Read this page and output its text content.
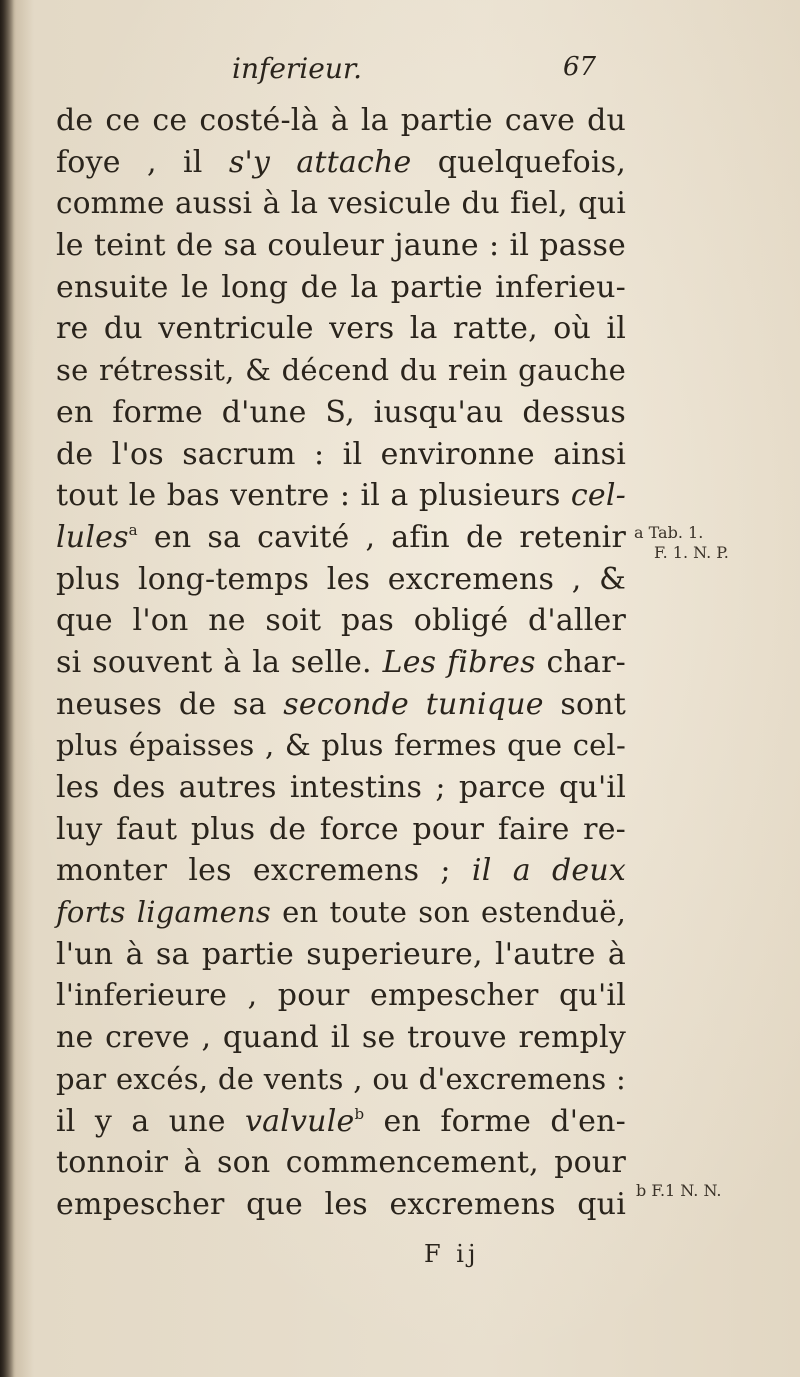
inferieur.	67
de ce ce costé-là à la partie cave du
foye , il s'y attache quelquefois,
comme aussi à la vesicule du fiel, qui
le teint de sa couleur jaune : il passe
ensuite le long de la partie inferieu-
re du ventricule vers la ratte, où il
se rétressit, & décend du rein gauche
en forme d'une S, iusqu'au dessus
de l'os sacrum : il environne ainsi
tout le bas ventre : il a plusieurs cel-
lules$^a$ en sa cavité , afin de retenir
plus long-temps les excremens , &
que l'on ne soit pas obligé d'aller
si souvent à la selle. Les fibres char-
neuses de sa seconde tunique sont
plus épaisses , & plus fermes que cel-
les des autres intestins ; parce qu'il
luy faut plus de force pour faire re-
monter les excremens ; il a deux
forts ligamens en toute son estenduë,
l'un à sa partie superieure, l'autre à
l'inferieure , pour empescher qu'il
ne creve , quand il se trouve remply
par excés, de vents , ou d'excremens :
il y a une valvule$^b$ en forme d'en-
tonnoir à son commencement, pour
empescher que les excremens qui
a Tab. 1.
F. 1. N. P.
b F.1 N. N.
F ij
